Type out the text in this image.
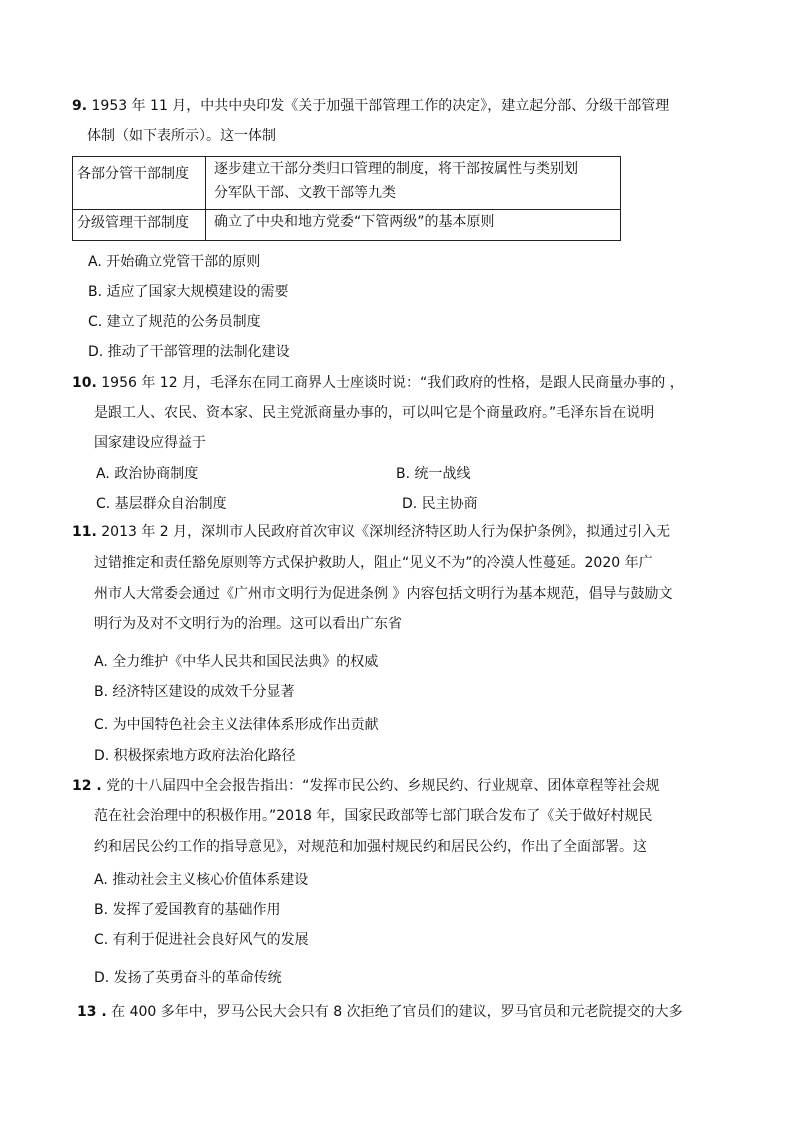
9. 1953 年 11 月，中共中央印发《关于加强干部管理工作的决定》，建立起分部、分级干部管理
体制（如下表所示）。这一体制
各部分管干部制度	逐步建立干部分类归口管理的制度，将干部按属性与类别划
分军队干部、文教干部等九类

分级管理干部制度	确立了中央和地方党委“下管两级”的基本原则
A. 开始确立党管干部的原则
B. 适应了国家大规模建设的需要
C. 建立了规范的公务员制度
D. 推动了干部管理的法制化建设
10. 1956 年 12 月，毛泽东在同工商界人士座谈时说：“我们政府的性格，是跟人民商量办事的 ，
是跟工人、农民、资本家、民主党派商量办事的，可以叫它是个商量政府。”毛泽东旨在说明
国家建设应得益于
A. 政治协商制度	B. 统一战线
C. 基层群众自治制度	D. 民主协商
11. 2013 年 2 月，深圳市人民政府首次审议《深圳经济特区助人行为保护条例》，拟通过引入无
过错推定和责任豁免原则等方式保护救助人，阻止“见义不为”的冷漠人性蔓延。2020 年广
州市人大常委会通过《广州市文明行为促进条例 》内容包括文明行为基本规范，倡导与鼓励文
明行为及对不文明行为的治理。这可以看出广东省
A. 全力维护《中华人民共和国民法典》的权威
B. 经济特区建设的成效千分显著
C. 为中国特色社会主义法律体系形成作出贡献
D. 积极探索地方政府法治化路径
12 . 党的十八届四中全会报告指出：“发挥市民公约、乡规民约、行业规章、团体章程等社会规
范在社会治理中的积极作用。”2018 年，国家民政部等七部门联合发布了《关于做好村规民
约和居民公约工作的指导意见》，对规范和加强村规民约和居民公约，作出了全面部署。这
A. 推动社会主义核心价值体系建设
B. 发挥了爱国教育的基础作用
C. 有利于促进社会良好风气的发展
D. 发扬了英勇奋斗的革命传统
13 . 在 400 多年中，罗马公民大会只有 8 次拒绝了官员们的建议，罗马官员和元老院提交的大多
